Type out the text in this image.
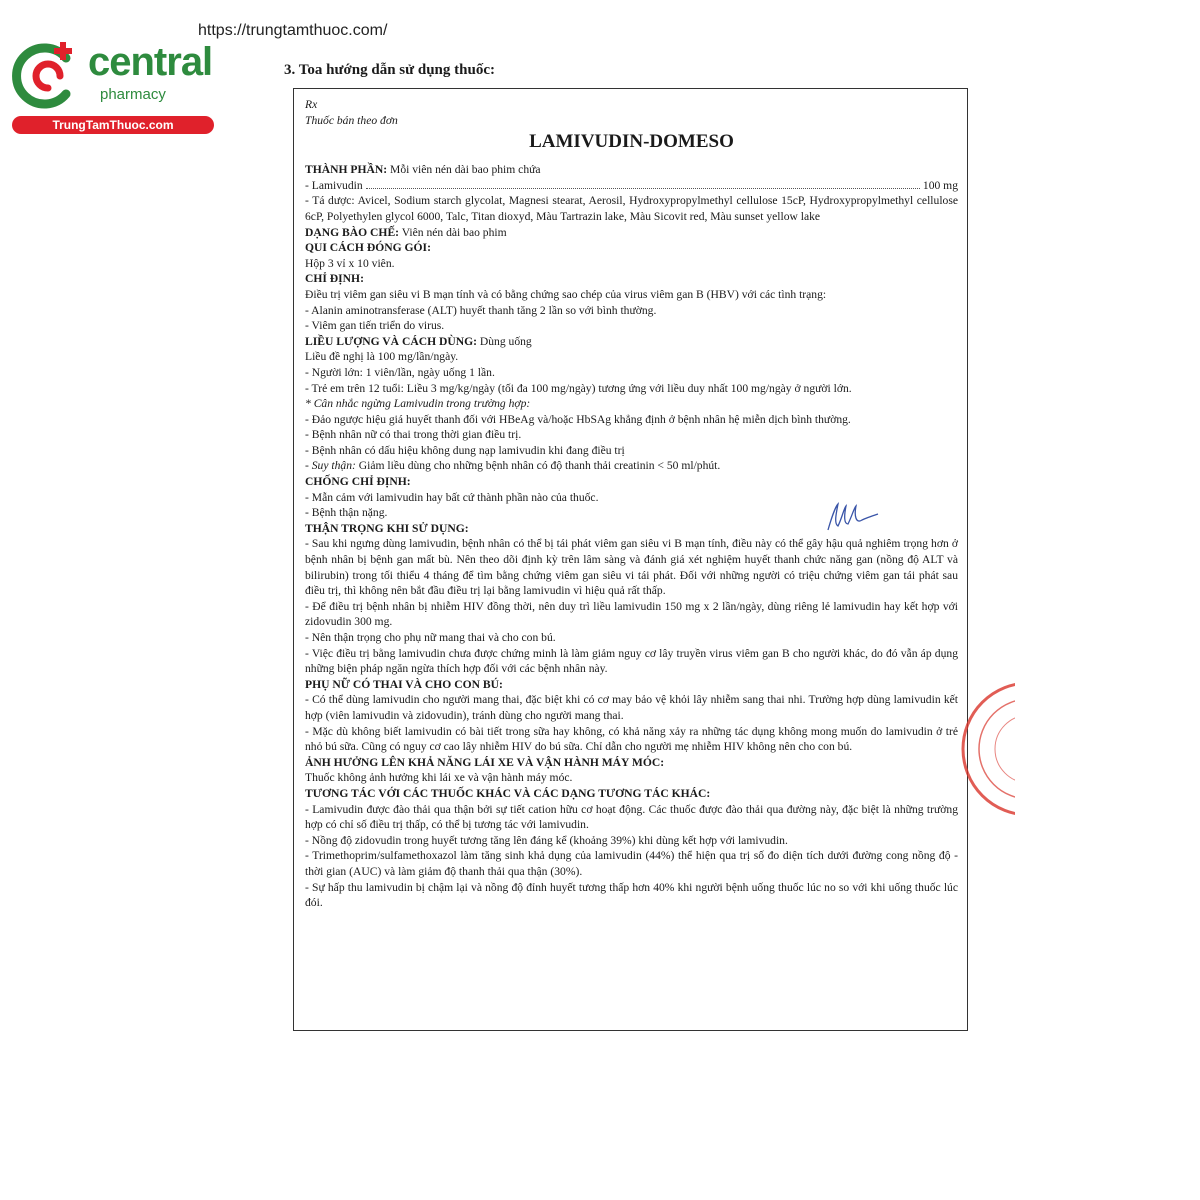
central
pharmacy
TrungTamThuoc.com
https://trungtamthuoc.com/
3. Toa hướng dẫn sử dụng thuốc:
Rx
Thuốc bán theo đơn
LAMIVUDIN-DOMESO
THÀNH PHẦN: Mỗi viên nén dài bao phim chứa
- Lamivudin	100 mg
- Tá dược: Avicel, Sodium starch glycolat, Magnesi stearat, Aerosil, Hydroxypropylmethyl cellulose 15cP, Hydroxypropylmethyl cellulose 6cP, Polyethylen glycol 6000, Talc, Titan dioxyd, Màu Tartrazin lake, Màu Sicovit red, Màu sunset yellow lake
DẠNG BÀO CHẾ: Viên nén dài bao phim
QUI CÁCH ĐÓNG GÓI:
Hộp 3 vỉ x 10 viên.
CHỈ ĐỊNH:
Điều trị viêm gan siêu vi B mạn tính và có bằng chứng sao chép của virus viêm gan B (HBV) với các tình trạng:
- Alanin aminotransferase (ALT) huyết thanh tăng 2 lần so với bình thường.
- Viêm gan tiến triển do virus.
LIỀU LƯỢNG VÀ CÁCH DÙNG: Dùng uống
Liều đề nghị là 100 mg/lần/ngày.
- Người lớn: 1 viên/lần, ngày uống 1 lần.
- Trẻ em trên 12 tuổi: Liều 3 mg/kg/ngày (tối đa 100 mg/ngày) tương ứng với liều duy nhất 100 mg/ngày ở người lớn.
* Cân nhắc ngừng Lamivudin trong trường hợp:
- Đảo ngược hiệu giá huyết thanh đối với HBeAg và/hoặc HbSAg khẳng định ở bệnh nhân hệ miễn dịch bình thường.
- Bệnh nhân nữ có thai trong thời gian điều trị.
- Bệnh nhân có dấu hiệu không dung nạp lamivudin khi đang điều trị
- Suy thận: Giảm liều dùng cho những bệnh nhân có độ thanh thải creatinin < 50 ml/phút.
CHỐNG CHỈ ĐỊNH:
- Mẫn cảm với lamivudin hay bất cứ thành phần nào của thuốc.
- Bệnh thận nặng.
THẬN TRỌNG KHI SỬ DỤNG:
- Sau khi ngưng dùng lamivudin, bệnh nhân có thể bị tái phát viêm gan siêu vi B mạn tính, điều này có thể gây hậu quả nghiêm trọng hơn ở bệnh nhân bị bệnh gan mất bù. Nên theo dõi định kỳ trên lâm sàng và đánh giá xét nghiệm huyết thanh chức năng gan (nồng độ ALT và bilirubin) trong tối thiểu 4 tháng để tìm bằng chứng viêm gan siêu vi tái phát. Đối với những người có triệu chứng viêm gan tái phát sau điều trị, thì không nên bắt đầu điều trị lại bằng lamivudin vì hiệu quả rất thấp.
- Để điều trị bệnh nhân bị nhiễm HIV đồng thời, nên duy trì liều lamivudin 150 mg x 2 lần/ngày, dùng riêng lẻ lamivudin hay kết hợp với zidovudin 300 mg.
- Nên thận trọng cho phụ nữ mang thai và cho con bú.
- Việc điều trị bằng lamivudin chưa được chứng minh là làm giảm nguy cơ lây truyền virus viêm gan B cho người khác, do đó vẫn áp dụng những biện pháp ngăn ngừa thích hợp đối với các bệnh nhân này.
PHỤ NỮ CÓ THAI VÀ CHO CON BÚ:
- Có thể dùng lamivudin cho người mang thai, đặc biệt khi có cơ may bảo vệ khỏi lây nhiễm sang thai nhi. Trường hợp dùng lamivudin kết hợp (viên lamivudin và zidovudin), tránh dùng cho người mang thai.
- Mặc dù không biết lamivudin có bài tiết trong sữa hay không, có khả năng xảy ra những tác dụng không mong muốn do lamivudin ở trẻ nhỏ bú sữa. Cũng có nguy cơ cao lây nhiễm HIV do bú sữa. Chỉ dẫn cho người mẹ nhiễm HIV không nên cho con bú.
ẢNH HƯỞNG LÊN KHẢ NĂNG LÁI XE VÀ VẬN HÀNH MÁY MÓC:
Thuốc không ảnh hưởng khi lái xe và vận hành máy móc.
TƯƠNG TÁC VỚI CÁC THUỐC KHÁC VÀ CÁC DẠNG TƯƠNG TÁC KHÁC:
- Lamivudin được đào thải qua thận bởi sự tiết cation hữu cơ hoạt động. Các thuốc được đào thải qua đường này, đặc biệt là những trường hợp có chỉ số điều trị thấp, có thể bị tương tác với lamivudin.
- Nồng độ zidovudin trong huyết tương tăng lên đáng kể (khoảng 39%) khi dùng kết hợp với lamivudin.
- Trimethoprim/sulfamethoxazol làm tăng sinh khả dụng của lamivudin (44%) thể hiện qua trị số đo diện tích dưới đường cong nồng độ - thời gian (AUC) và làm giảm độ thanh thải qua thận (30%).
- Sự hấp thu lamivudin bị chậm lại và nồng độ đỉnh huyết tương thấp hơn 40% khi người bệnh uống thuốc lúc no so với khi uống thuốc lúc đói.
